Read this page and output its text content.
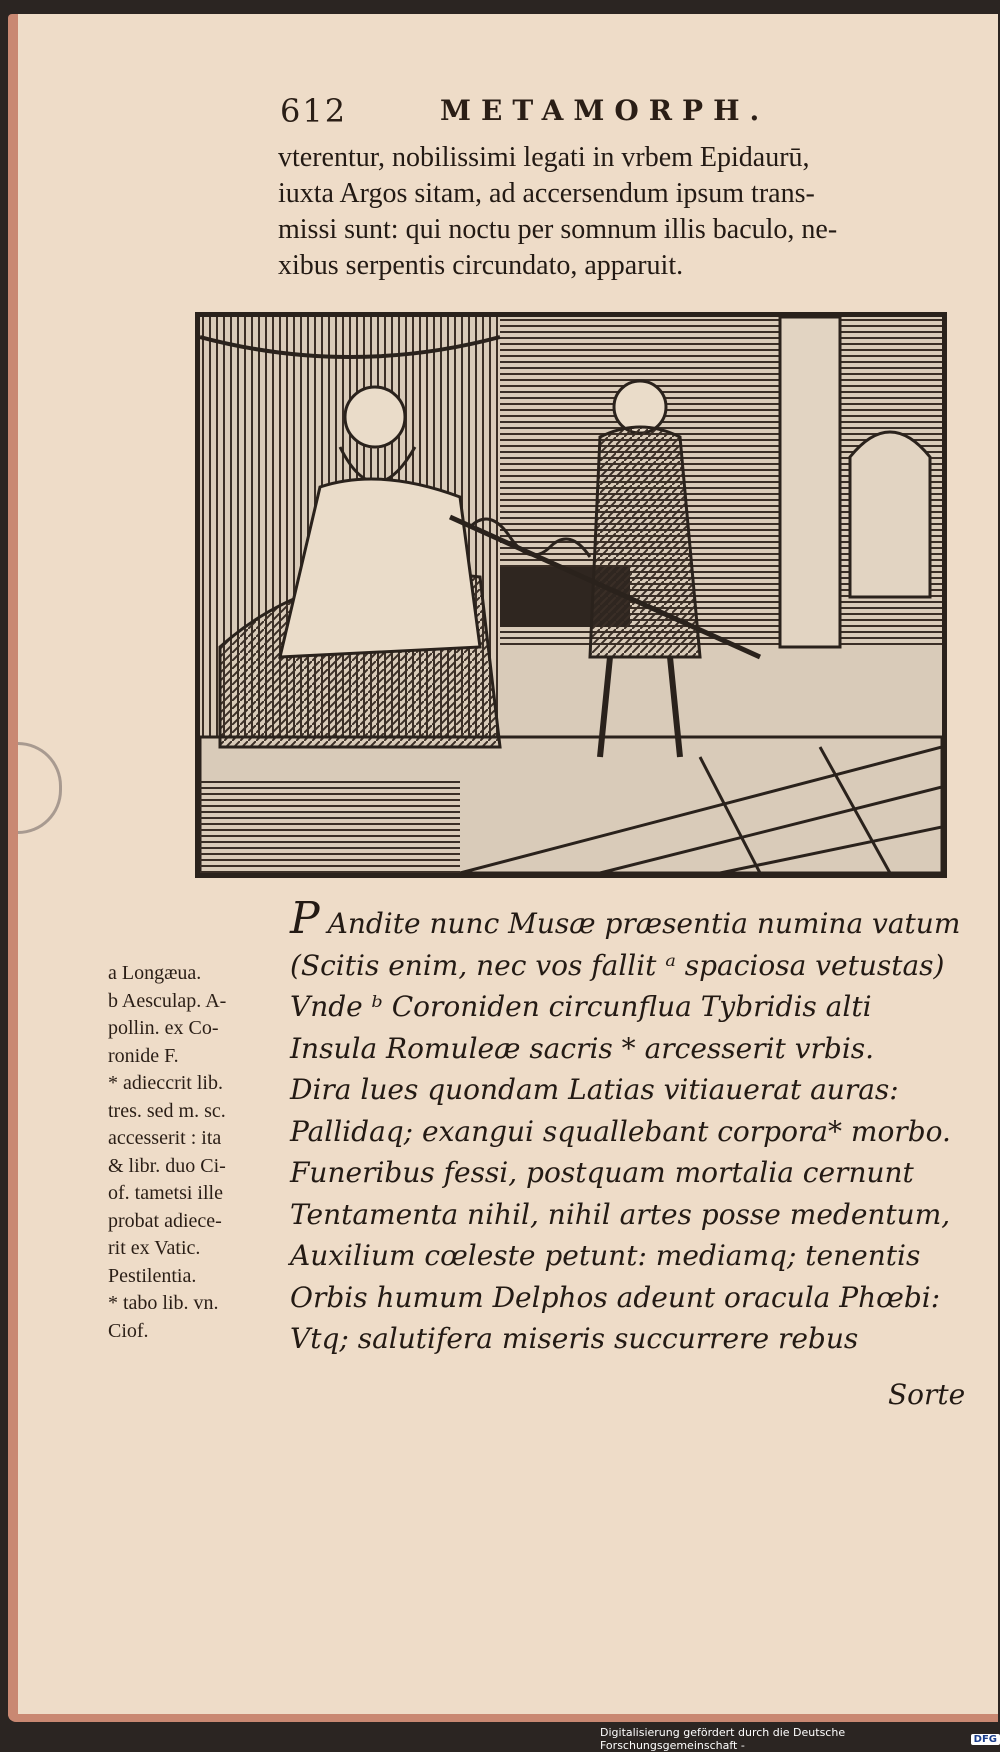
612	METAMORPH.
vterentur, nobilissimi legati in vrbem Epidaurū,
iuxta Argos sitam, ad accersendum ipsum trans-
missi sunt: qui noctu per somnum illis baculo, ne-
xibus serpentis circundato, apparuit.
P Andite nunc Musæ præsentia numina vatum
(Scitis enim, nec vos fallit ᵃ spaciosa vetustas)
Vnde ᵇ Coroniden circunflua Tybridis alti
Insula Romuleæ sacris * arcesserit vrbis.
Dira lues quondam Latias vitiauerat auras:
Pallidaq; exangui squallebant corpora* morbo.
Funeribus fessi, postquam mortalia cernunt
Tentamenta nihil, nihil artes posse medentum,
Auxilium cœleste petunt: mediamq; tenentis
Orbis humum Delphos adeunt oracula Phœbi:
Vtq; salutifera miseris succurrere rebus
Sorte
a Longæua.
b Aesculap. A-
pollin. ex Co-
ronide F.
* adieccrit lib.
tres. sed m. sc.
accesserit : ita
& libr. duo Ci-
of. tametsi ille
probat adiece-
rit ex Vatic.
Pestilentia.
* tabo lib. vn.
Ciof.
Digitalisierung gefördert durch die Deutsche Forschungsgemeinschaft -	DFG
